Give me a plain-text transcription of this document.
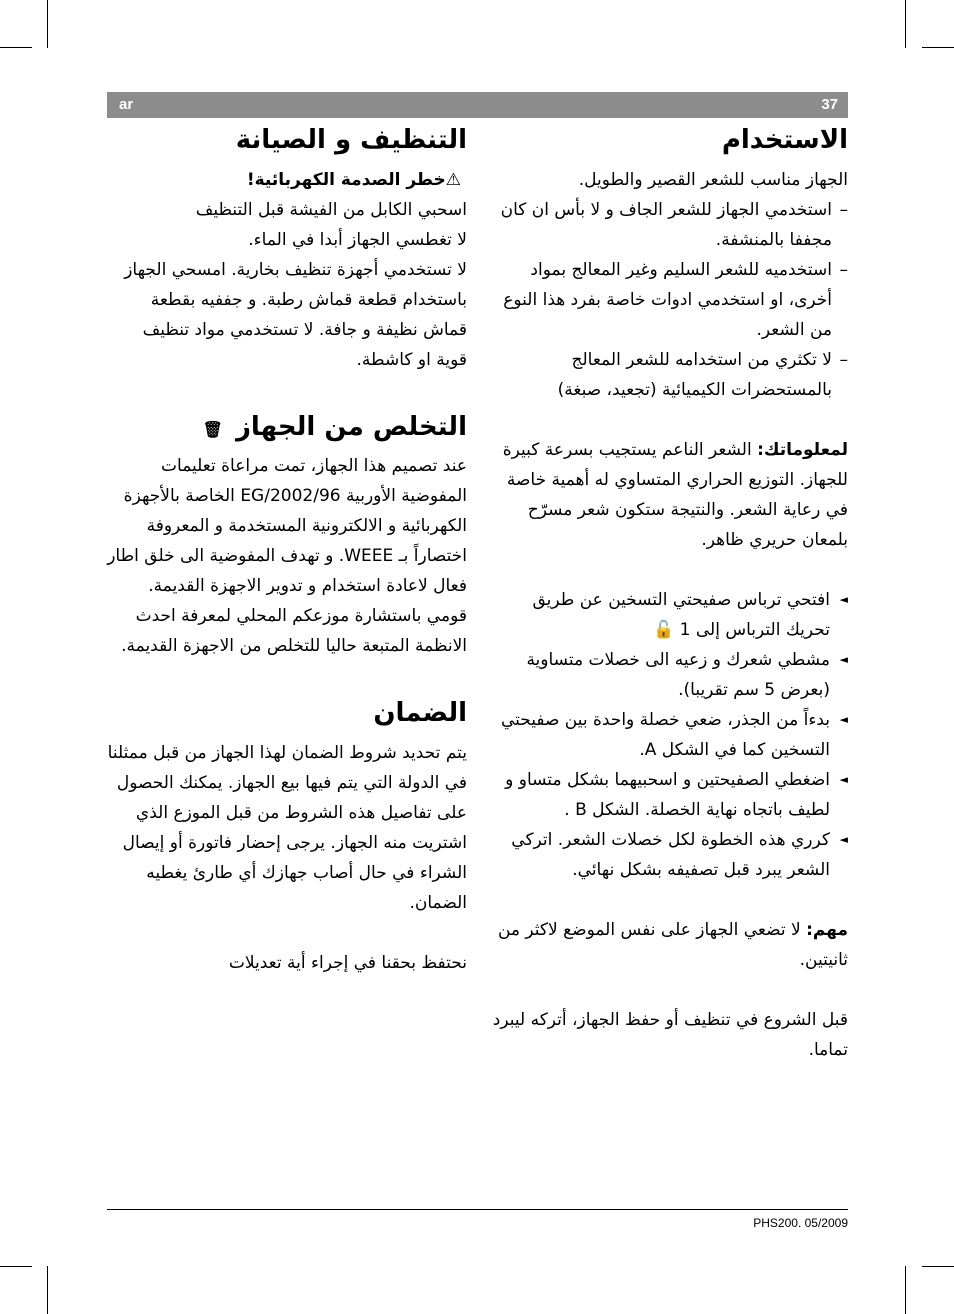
ar	37
الاستخدام

الجهاز مناسب للشعر القصير والطويل.

–
استخدمي الجهاز للشعر الجاف و لا بأس ان كان مجففا بالمنشفة.
–
استخدميه للشعر السليم وغير المعالج بمواد أخرى، او استخدمي ادوات خاصة بفرد هذا النوع من الشعر.
–
لا تكثري من استخدامه للشعر المعالج بالمستحضرات الكيميائية (تجعيد، صبغة)

لمعلوماتك: الشعر الناعم يستجيب بسرعة كبيرة للجهاز. التوزيع الحراري المتساوي له أهمية خاصة في رعاية الشعر. والنتيجة ستكون شعر مسرّح بلمعان حريري ظاهر.

◄
افتحي ترباس صفيحتي التسخين عن طريق تحريك الترباس إلى 1 🔓
◄
مشطي شعرك و زعيه الى خصلات متساوية (بعرض 5 سم تقريبا).
◄
بدءاً من الجذر، ضعي خصلة واحدة بين صفيحتي التسخين كما في الشكل A.
◄
اضغطي الصفيحتين و اسحبيهما بشكل متساو و لطيف باتجاه نهاية الخصلة. الشكل B .
◄
كرري هذه الخطوة لكل خصلات الشعر. اتركي الشعر يبرد قبل تصفيفه بشكل نهائي.

مهم: لا تضعي الجهاز على نفس الموضع لاكثر من ثانيتين.

قبل الشروع في تنظيف أو حفظ الجهاز، أتركه ليبرد تماما.

التنظيف و الصيانة
⚠خطر الصدمة الكهربائية!

اسحبي الكابل من الفيشة قبل التنظيف

لا تغطسي الجهاز أبدا في الماء.

لا تستخدمي أجهزة تنظيف بخارية. امسحي الجهاز باستخدام قطعة قماش رطبة. و جففيه بقطعة قماش نظيفة و جافة. لا تستخدمي مواد تنظيف قوية او كاشطة.

التخلص من الجهاز 🗑

عند تصميم هذا الجهاز، تمت مراعاة تعليمات المفوضية الأوربية EG/2002/96 الخاصة بالأجهزة الكهربائية و الالكترونية المستخدمة و المعروفة اختصاراً بـ WEEE. و تهدف المفوضية الى خلق اطار فعال لاعادة استخدام و تدوير الاجهزة القديمة.

قومي باستشارة موزعكم المحلي لمعرفة احدث الانظمة المتبعة حاليا للتخلص من الاجهزة القديمة.

الضمان

يتم تحديد شروط الضمان لهذا الجهاز من قبل ممثلنا في الدولة التي يتم فيها بيع الجهاز. يمكنك الحصول على تفاصيل هذه الشروط من قبل الموزع الذي اشتريت منه الجهاز. يرجى إحضار فاتورة أو إيصال الشراء في حال أصاب جهازك أي طارئ يغطيه الضمان.

نحتفظ بحقنا في إجراء أية تعديلات

PHS200. 05/2009
